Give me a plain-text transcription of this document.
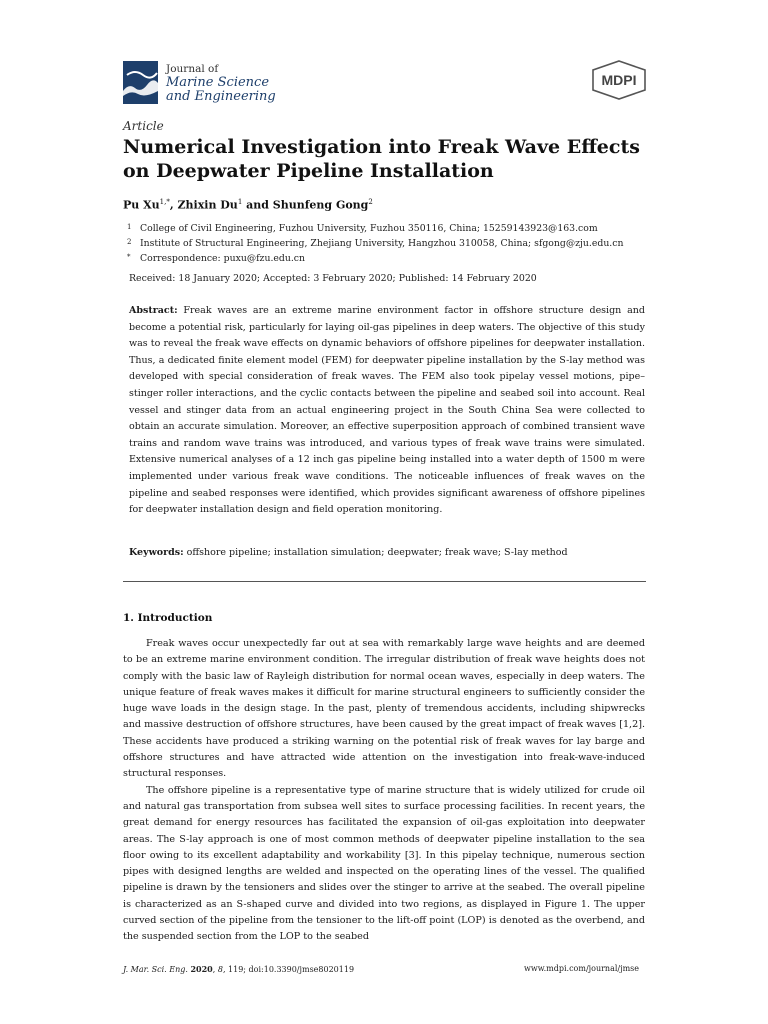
Journal of
Marine Science
and Engineering
MDPI
Article
Numerical Investigation into Freak Wave Effects on Deepwater Pipeline Installation
Pu $Xu^{1,*}$, Zhixin Du$^1$ and Shunfeng Gong$^2$
1 College of Civil Engineering, Fuzhou University, Fuzhou 350116, China; 15259143923@163.com
2 Institute of Structural Engineering, Zhejiang University, Hangzhou 310058, China; sfgong@zju.edu.cn
*	Correspondence: puxu@fzu.edu.cn
Received: 18 January 2020; Accepted: 3 February 2020; Published: 14 February 2020
Abstract: Freak waves are an extreme marine environment factor in offshore structure design and become a potential risk, particularly for laying oil-gas pipelines in deep waters. The objective of this study was to reveal the freak wave effects on dynamic behaviors of offshore pipelines for deepwater installation. Thus, a dedicated finite element model (FEM) for deepwater pipeline installation by the S-lay method was developed with special consideration of freak waves. The FEM also took pipelay vessel motions, pipe–stinger roller interactions, and the cyclic contacts between the pipeline and seabed soil into account. Real vessel and stinger data from an actual engineering project in the South China Sea were collected to obtain an accurate simulation. Moreover, an effective superposition approach of combined transient wave trains and random wave trains was introduced, and various types of freak wave trains were simulated. Extensive numerical analyses of a 12 inch gas pipeline being installed into a water depth of 1500 m were implemented under various freak wave conditions. The noticeable influences of freak waves on the pipeline and seabed responses were identified, which provides significant awareness of offshore pipelines for deepwater installation design and field operation monitoring.
Keywords: offshore pipeline; installation simulation; deepwater; freak wave; S-lay method
1. Introduction

Freak waves occur unexpectedly far out at sea with remarkably large wave heights and are deemed to be an extreme marine environment condition. The irregular distribution of freak wave heights does not comply with the basic law of Rayleigh distribution for normal ocean waves, especially in deep waters. The unique feature of freak waves makes it difficult for marine structural engineers to sufficiently consider the huge wave loads in the design stage. In the past, plenty of tremendous accidents, including shipwrecks and massive destruction of offshore structures, have been caused by the great impact of freak waves [1,2]. These accidents have produced a striking warning on the potential risk of freak waves for lay barge and offshore structures and have attracted wide attention on the investigation into freak-wave-induced structural responses.

The offshore pipeline is a representative type of marine structure that is widely utilized for crude oil and natural gas transportation from subsea well sites to surface processing facilities. In recent years, the great demand for energy resources has facilitated the expansion of oil-gas exploitation into deepwater areas. The S-lay approach is one of most common methods of deepwater pipeline installation to the sea floor owing to its excellent adaptability and workability [3]. In this pipelay technique, numerous section pipes with designed lengths are welded and inspected on the operating lines of the vessel. The qualified pipeline is drawn by the tensioners and slides over the stinger to arrive at the seabed. The overall pipeline is characterized as an S-shaped curve and divided into two regions, as displayed in Figure 1. The upper curved section of the pipeline from the tensioner to the lift-off point (LOP) is denoted as the overbend, and the suspended section from the LOP to the seabed

J. Mar. Sci. Eng. 2020, 8, 119; doi:10.3390/jmse8020119	www.mdpi.com/journal/jmse
